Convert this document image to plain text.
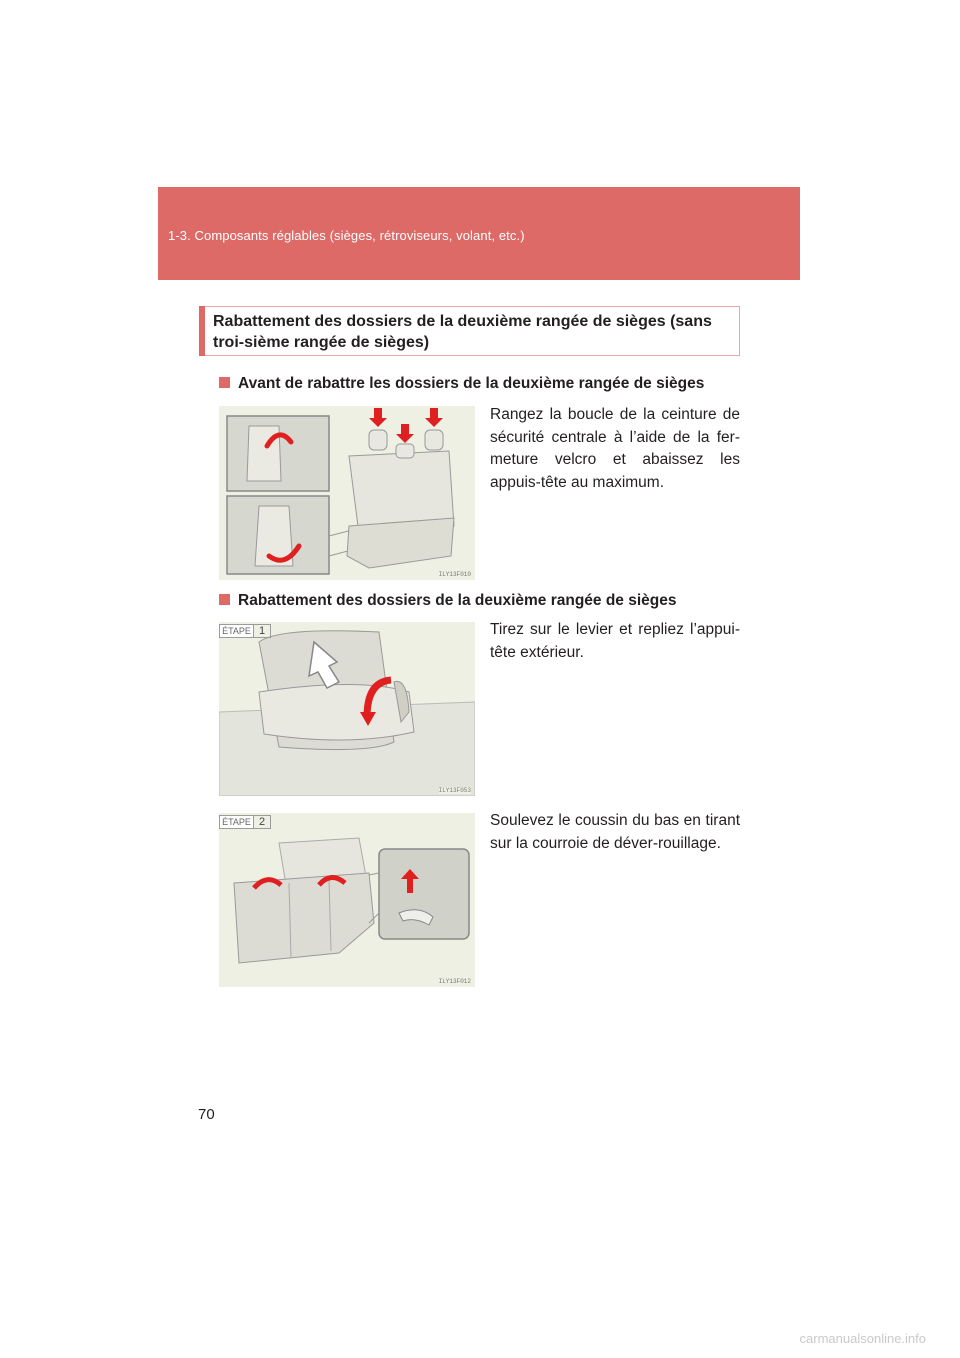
1-3. Composants réglables (sièges, rétroviseurs, volant, etc.)
Rabattement des dossiers de la deuxième rangée de sièges (sans troi-sième rangée de sièges)
Avant de rabattre les dossiers de la deuxième rangée de sièges
Rangez la boucle de la ceinture de sécurité centrale à l’aide de la fer-meture velcro et abaissez les appuis-tête au maximum.
ILY13F010
Rabattement des dossiers de la deuxième rangée de sièges
ILY13F053
ÉTAPE 1	Tirez sur le levier et repliez l’appui-tête extérieur.
ILY13F012
ÉTAPE 2	Soulevez le coussin du bas en tirant sur la courroie de déver-rouillage.
70
carmanualsonline.info
